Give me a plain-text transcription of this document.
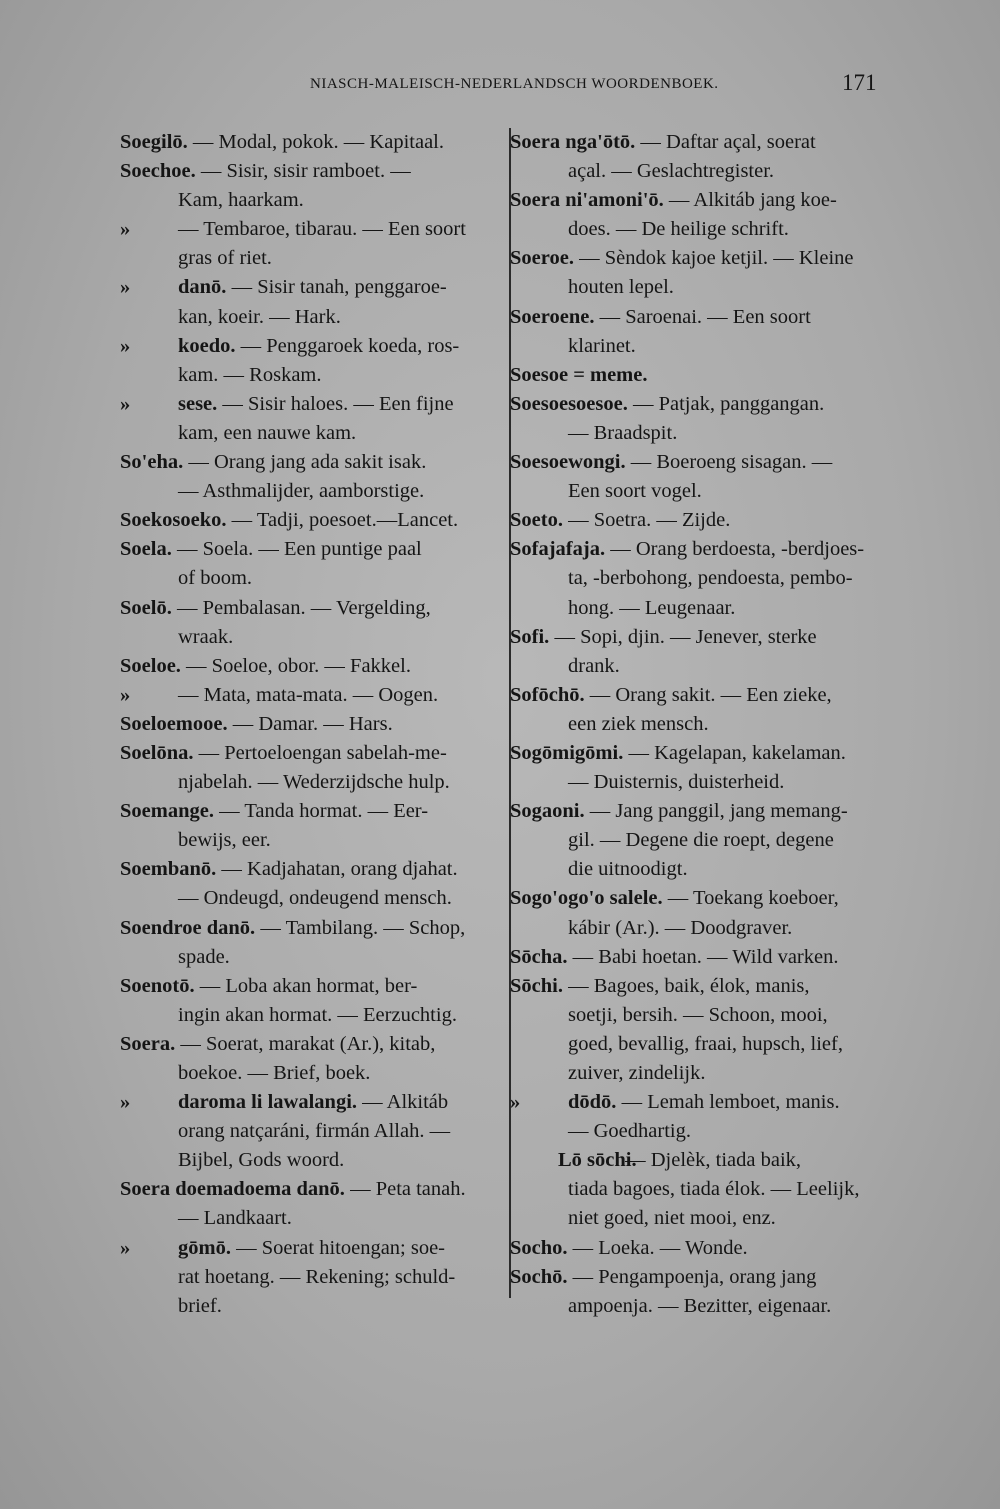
NIASCH-MALEISCH-NEDERLANDSCH WOORDENBOEK.	171
Soegilō. — Modal, pokok. — Kapitaal.
Soechoe. — Sisir, sisir ramboet. —
Kam, haarkam.
» — Tembaroe, tibarau. — Een soort
gras of riet.
» danō. — Sisir tanah, penggaroe-
kan, koeir. — Hark.
» koedo. — Penggaroek koeda, ros-
kam. — Roskam.
» sese. — Sisir haloes. — Een fijne
kam, een nauwe kam.
So'eha. — Orang jang ada sakit isak.
— Asthmalijder, aamborstige.
Soekosoeko. — Tadji, poesoet.—Lancet.
Soela. — Soela. — Een puntige paal
of boom.
Soelō. — Pembalasan. — Vergelding,
wraak.
Soeloe. — Soeloe, obor. — Fakkel.
» — Mata, mata-mata. — Oogen.
Soeloemooe. — Damar. — Hars.
Soelōna. — Pertoeloengan sabelah-me-
njabelah. — Wederzijdsche hulp.
Soemange. — Tanda hormat. — Eer-
bewijs, eer.
Soembanō. — Kadjahatan, orang djahat.
— Ondeugd, ondeugend mensch.
Soendroe danō. — Tambilang. — Schop,
spade.
Soenotō. — Loba akan hormat, ber-
ingin akan hormat. — Eerzuchtig.
Soera. — Soerat, marakat (Ar.), kitab,
boekoe. — Brief, boek.
» daroma li lawalangi. — Alkitáb
orang natçaráni, firmán Allah. —
Bijbel, Gods woord.
Soera doemadoema danō. — Peta tanah.
— Landkaart.
» gōmō. — Soerat hitoengan; soe-
rat hoetang. — Rekening; schuld-
brief.
Soera nga'ōtō. — Daftar açal, soerat
açal. — Geslachtregister.
Soera ni'amoni'ō. — Alkitáb jang koe-
does. — De heilige schrift.
Soeroe. — Sèndok kajoe ketjil. — Kleine
houten lepel.
Soeroene. — Saroenai. — Een soort
klarinet.
Soesoe = meme.
Soesoesoesoe. — Patjak, panggangan.
— Braadspit.
Soesoewongi. — Boeroeng sisagan. —
Een soort vogel.
Soeto. — Soetra. — Zijde.
Sofajafaja. — Orang berdoesta, -berdjoes-
ta, -berbohong, pendoesta, pembo-
hong. — Leugenaar.
Sofi. — Sopi, djin. — Jenever, sterke
drank.
Sofōchō. — Orang sakit. — Een zieke,
een ziek mensch.
Sogōmigōmi. — Kagelapan, kakelaman.
— Duisternis, duisterheid.
Sogaoni. — Jang panggil, jang memang-
gil. — Degene die roept, degene
die uitnoodigt.
Sogo'ogo'o salele. — Toekang koeboer,
kábir (Ar.). — Doodgraver.
Sōcha. — Babi hoetan. — Wild varken.
Sōchi. — Bagoes, baik, élok, manis,
soetji, bersih. — Schoon, mooi,
goed, bevallig, fraai, hupsch, lief,
zuiver, zindelijk.
» dōdō. — Lemah lemboet, manis.
— Goedhartig.
Lō sōchi. — Djelèk, tiada baik,
tiada bagoes, tiada élok. — Leelijk,
niet goed, niet mooi, enz.
Socho. — Loeka. — Wonde.
Sochō. — Pengampoenja, orang jang
ampoenja. — Bezitter, eigenaar.
